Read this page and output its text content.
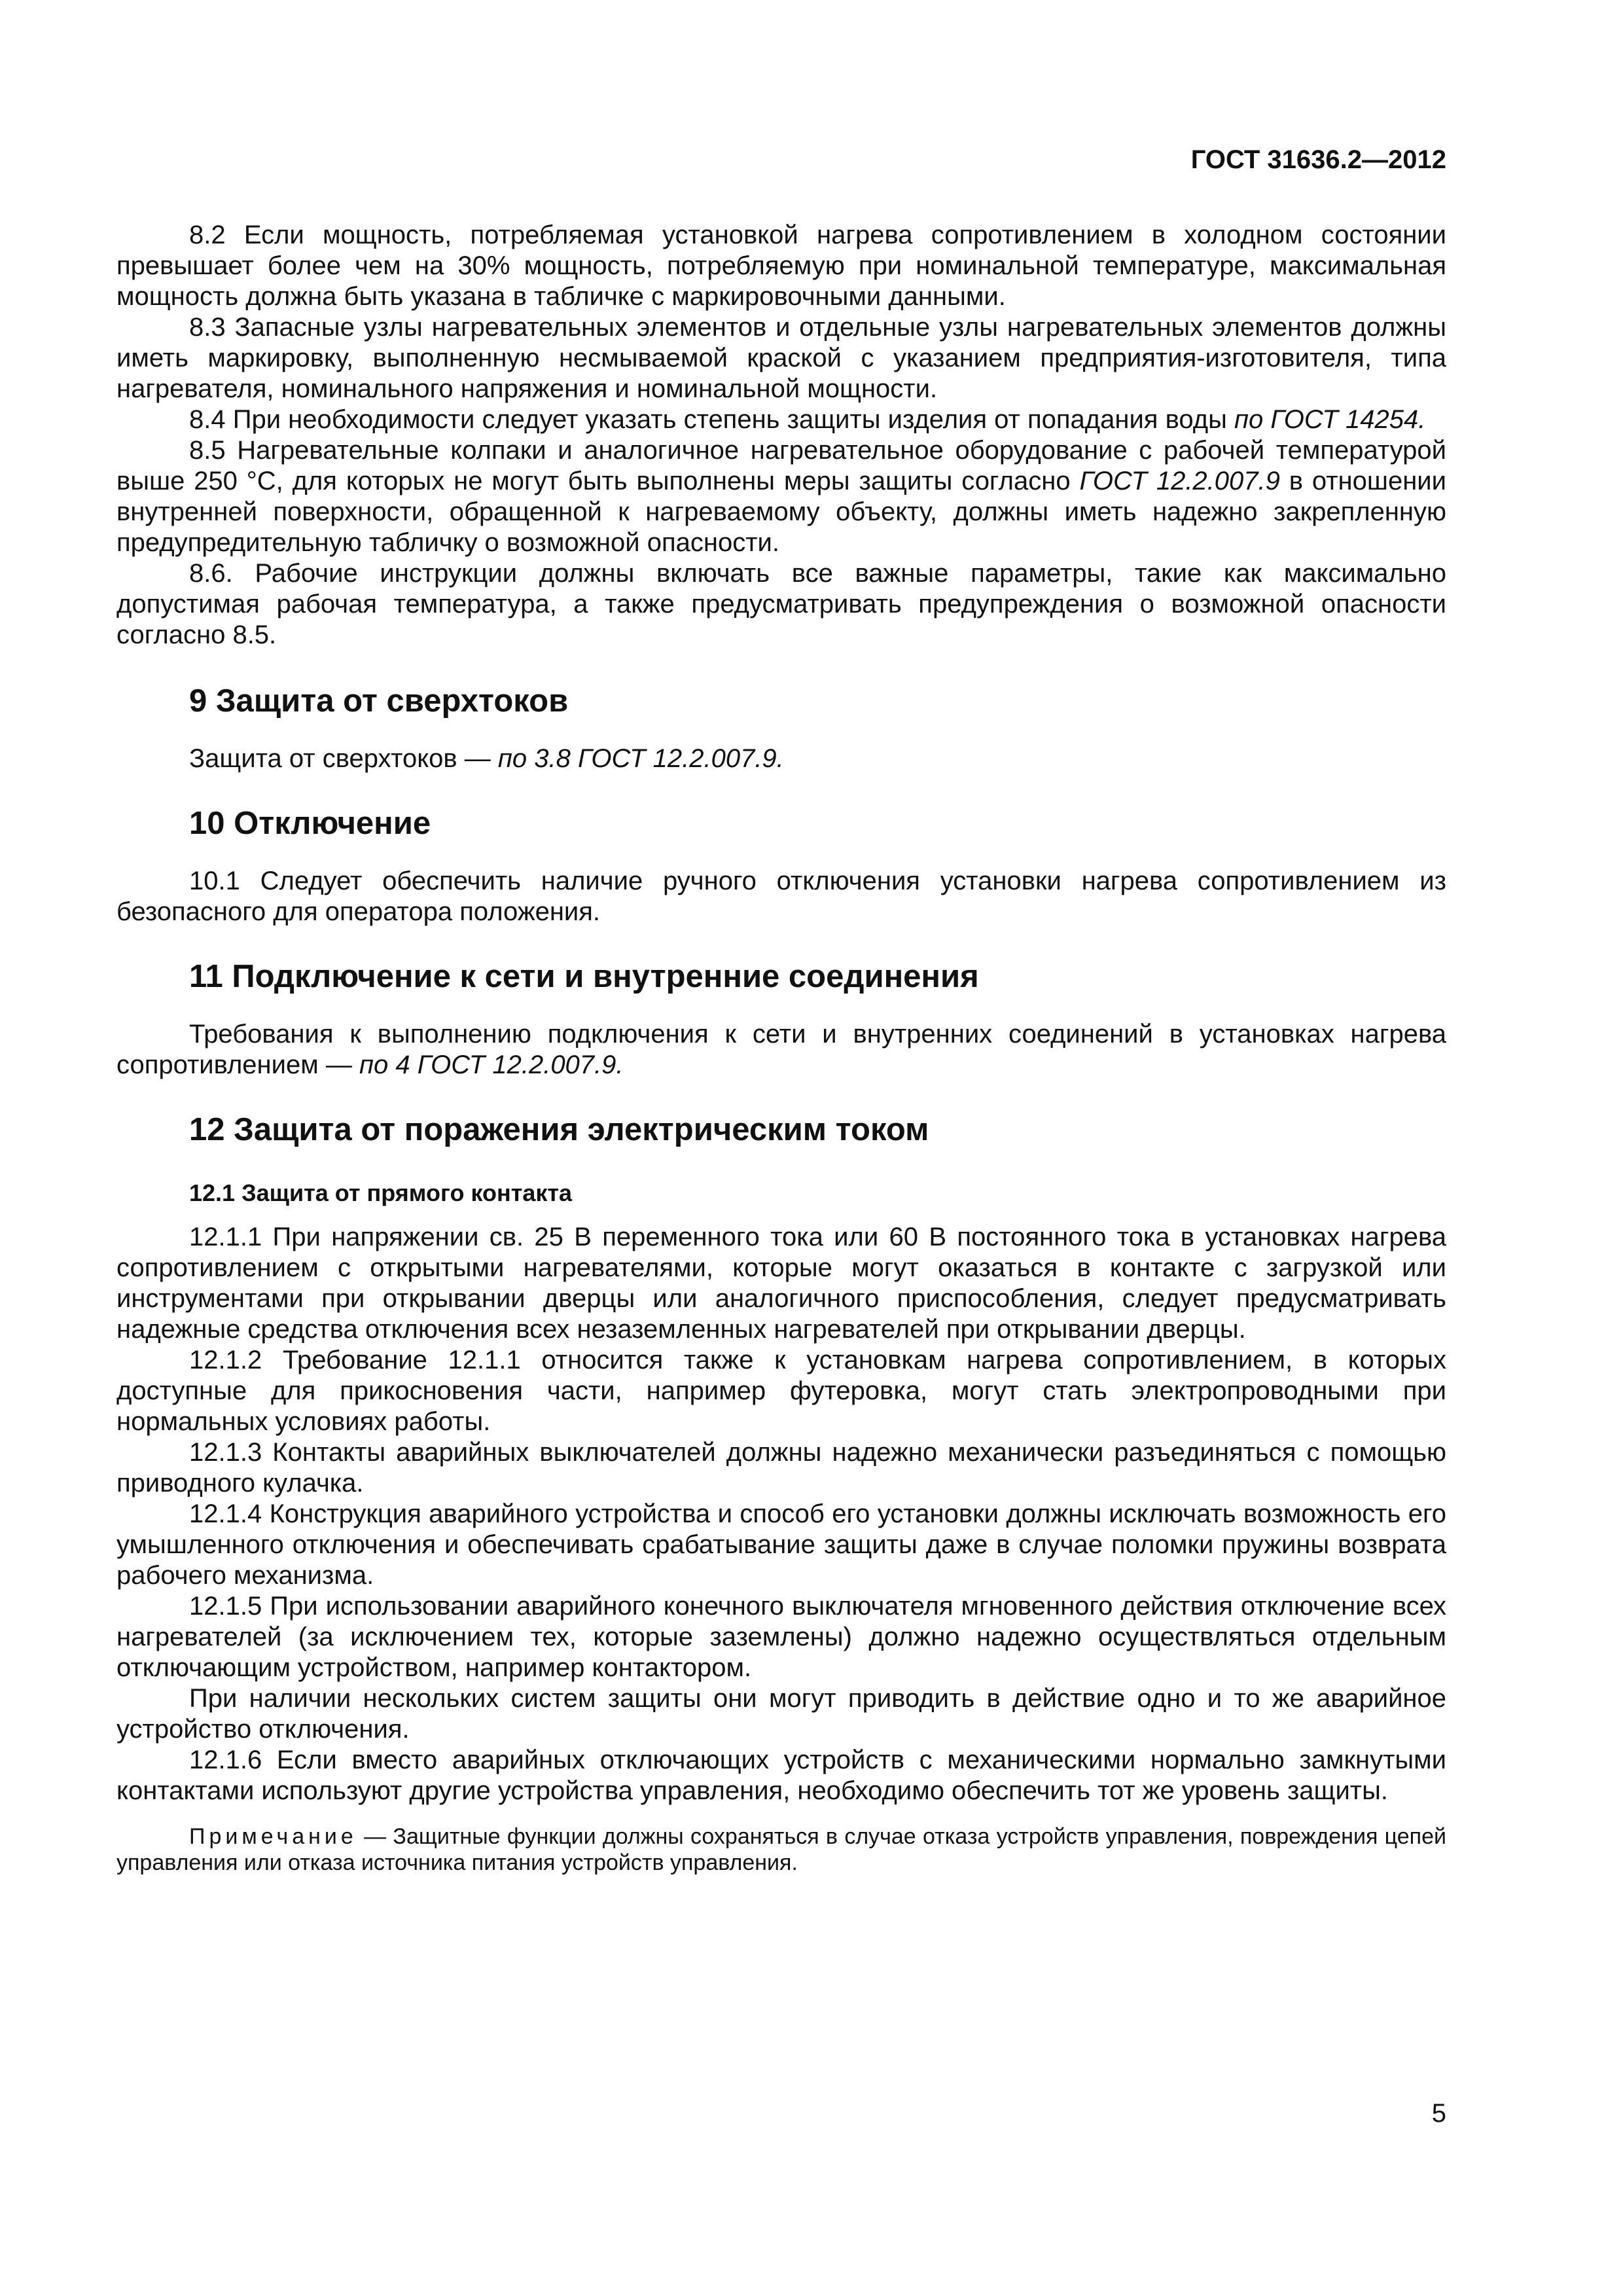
ГОСТ 31636.2—2012

8.2 Если мощность, потребляемая установкой нагрева сопротивлением в холодном состоянии превышает более чем на 30% мощность, потребляемую при номинальной температуре, максимальная мощность должна быть указана в табличке с маркировочными данными.

8.3 Запасные узлы нагревательных элементов и отдельные узлы нагревательных элементов должны иметь маркировку, выполненную несмываемой краской с указанием предприятия-изготовителя, типа нагревателя, номинального напряжения и номинальной мощности.

8.4 При необходимости следует указать степень защиты изделия от попадания воды по ГОСТ 14254.

8.5 Нагревательные колпаки и аналогичное нагревательное оборудование с рабочей температурой выше 250 °С, для которых не могут быть выполнены меры защиты согласно ГОСТ 12.2.007.9 в отношении внутренней поверхности, обращенной к нагреваемому объекту, должны иметь надежно закрепленную предупредительную табличку о возможной опасности.

8.6. Рабочие инструкции должны включать все важные параметры, такие как максимально допустимая рабочая температура, а также предусматривать предупреждения о возможной опасности согласно 8.5.

9 Защита от сверхтоков

Защита от сверхтоков — по 3.8 ГОСТ 12.2.007.9.

10 Отключение

10.1 Следует обеспечить наличие ручного отключения установки нагрева сопротивлением из безопасного для оператора положения.

11 Подключение к сети и внутренние соединения

Требования к выполнению подключения к сети и внутренних соединений в установках нагрева сопротивлением — по 4 ГОСТ 12.2.007.9.

12 Защита от поражения электрическим током
12.1 Защита от прямого контакта

12.1.1 При напряжении св. 25 В переменного тока или 60 В постоянного тока в установках нагрева сопротивлением с открытыми нагревателями, которые могут оказаться в контакте с загрузкой или инструментами при открывании дверцы или аналогичного приспособления, следует предусматривать надежные средства отключения всех незаземленных нагревателей при открывании дверцы.

12.1.2 Требование 12.1.1 относится также к установкам нагрева сопротивлением, в которых доступные для прикосновения части, например футеровка, могут стать электропроводными при нормальных условиях работы.

12.1.3 Контакты аварийных выключателей должны надежно механически разъединяться с помощью приводного кулачка.

12.1.4 Конструкция аварийного устройства и способ его установки должны исключать возможность его умышленного отключения и обеспечивать срабатывание защиты даже в случае поломки пружины возврата рабочего механизма.

12.1.5 При использовании аварийного конечного выключателя мгновенного действия отключение всех нагревателей (за исключением тех, которые заземлены) должно надежно осуществляться отдельным отключающим устройством, например контактором.

При наличии нескольких систем защиты они могут приводить в действие одно и то же аварийное устройство отключения.

12.1.6 Если вместо аварийных отключающих устройств с механическими нормально замкнутыми контактами используют другие устройства управления, необходимо обеспечить тот же уровень защиты.

Примечание — Защитные функции должны сохраняться в случае отказа устройств управления, повреждения цепей управления или отказа источника питания устройств управления.

5
